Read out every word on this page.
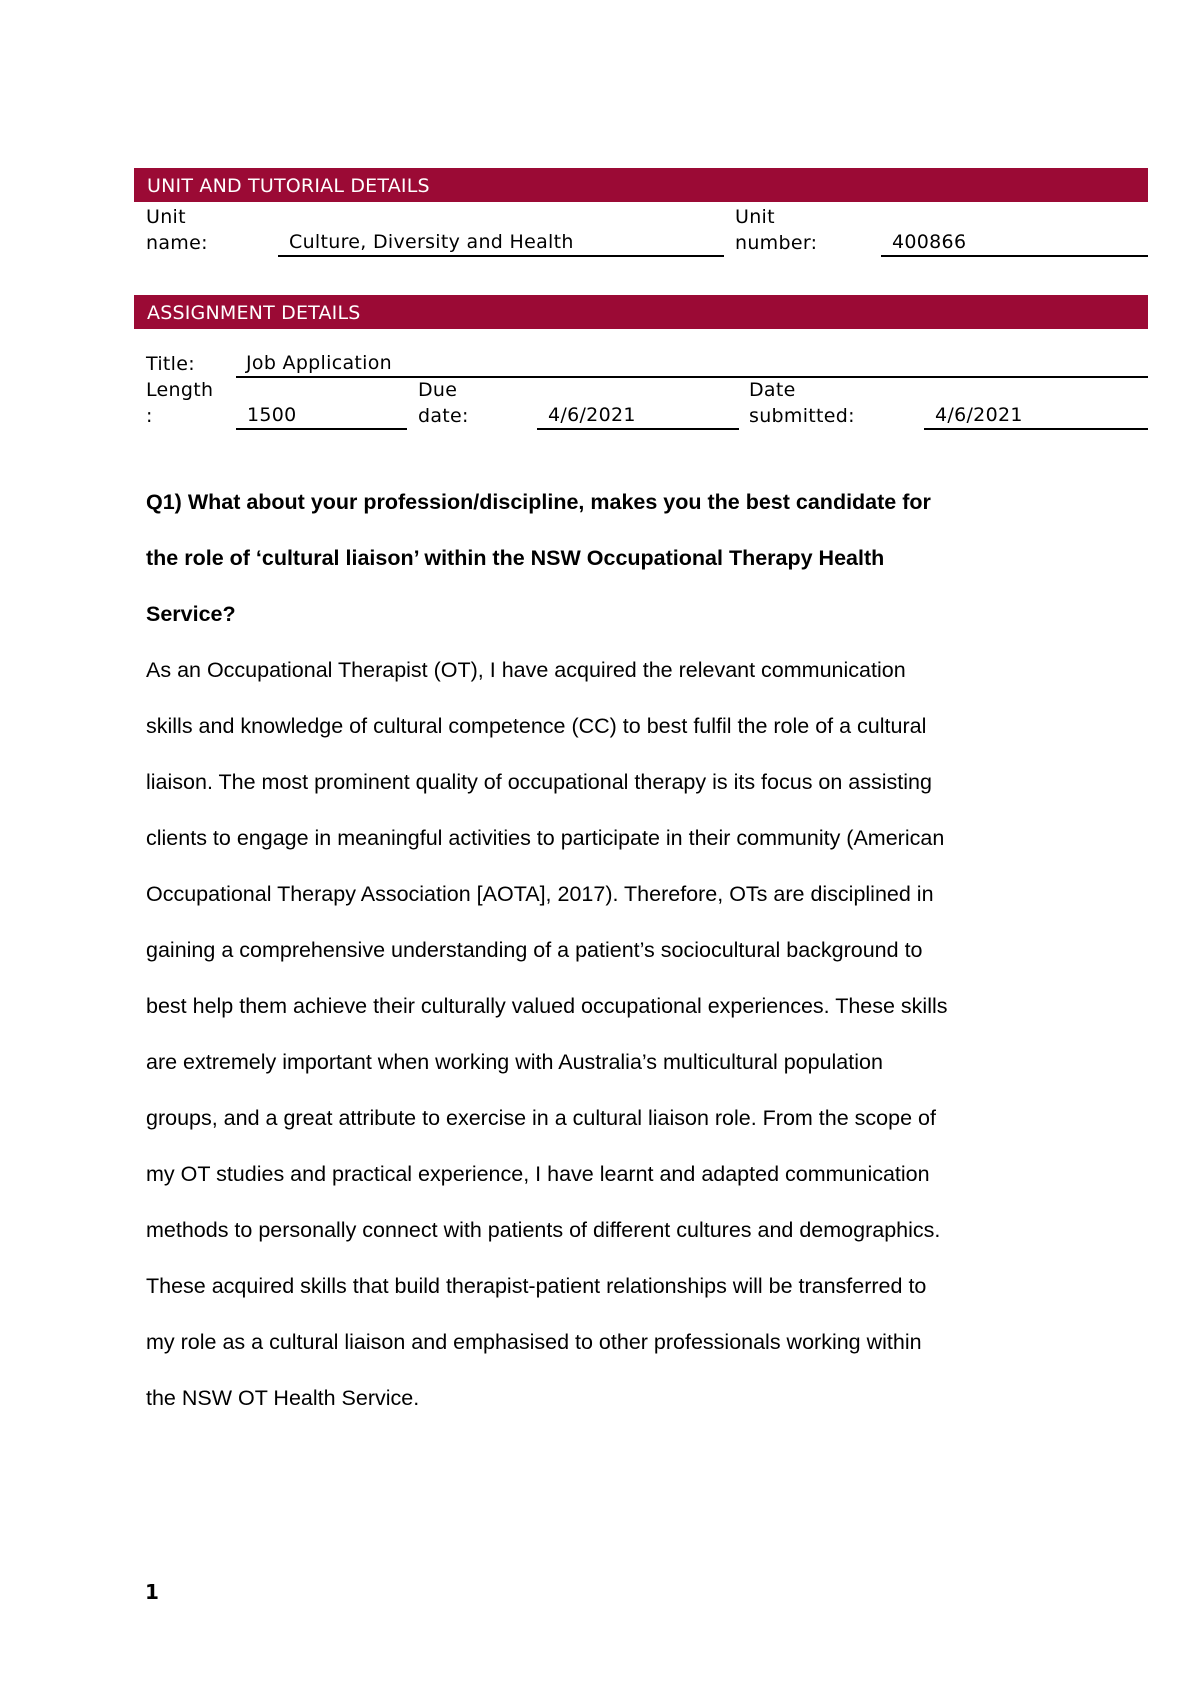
UNIT AND TUTORIAL DETAILS
Unit
name:	Culture, Diversity and Health
Unit
number:	400866
ASSIGNMENT DETAILS
Title:	Job Application
Length
:	1500
Due
date:	4/6/2021
Date
submitted:	4/6/2021
Q1) What about your profession/discipline, makes you the best candidate for
the role of ‘cultural liaison’ within the NSW Occupational Therapy Health
Service?
As an Occupational Therapist (OT), I have acquired the relevant communication
skills and knowledge of cultural competence (CC) to best fulfil the role of a cultural
liaison. The most prominent quality of occupational therapy is its focus on assisting
clients to engage in meaningful activities to participate in their community (American
Occupational Therapy Association [AOTA], 2017). Therefore, OTs are disciplined in
gaining a comprehensive understanding of a patient’s sociocultural background to
best help them achieve their culturally valued occupational experiences. These skills
are extremely important when working with Australia’s multicultural population
groups, and a great attribute to exercise in a cultural liaison role. From the scope of
my OT studies and practical experience, I have learnt and adapted communication
methods to personally connect with patients of different cultures and demographics.
These acquired skills that build therapist-patient relationships will be transferred to
my role as a cultural liaison and emphasised to other professionals working within
the NSW OT Health Service.
1
